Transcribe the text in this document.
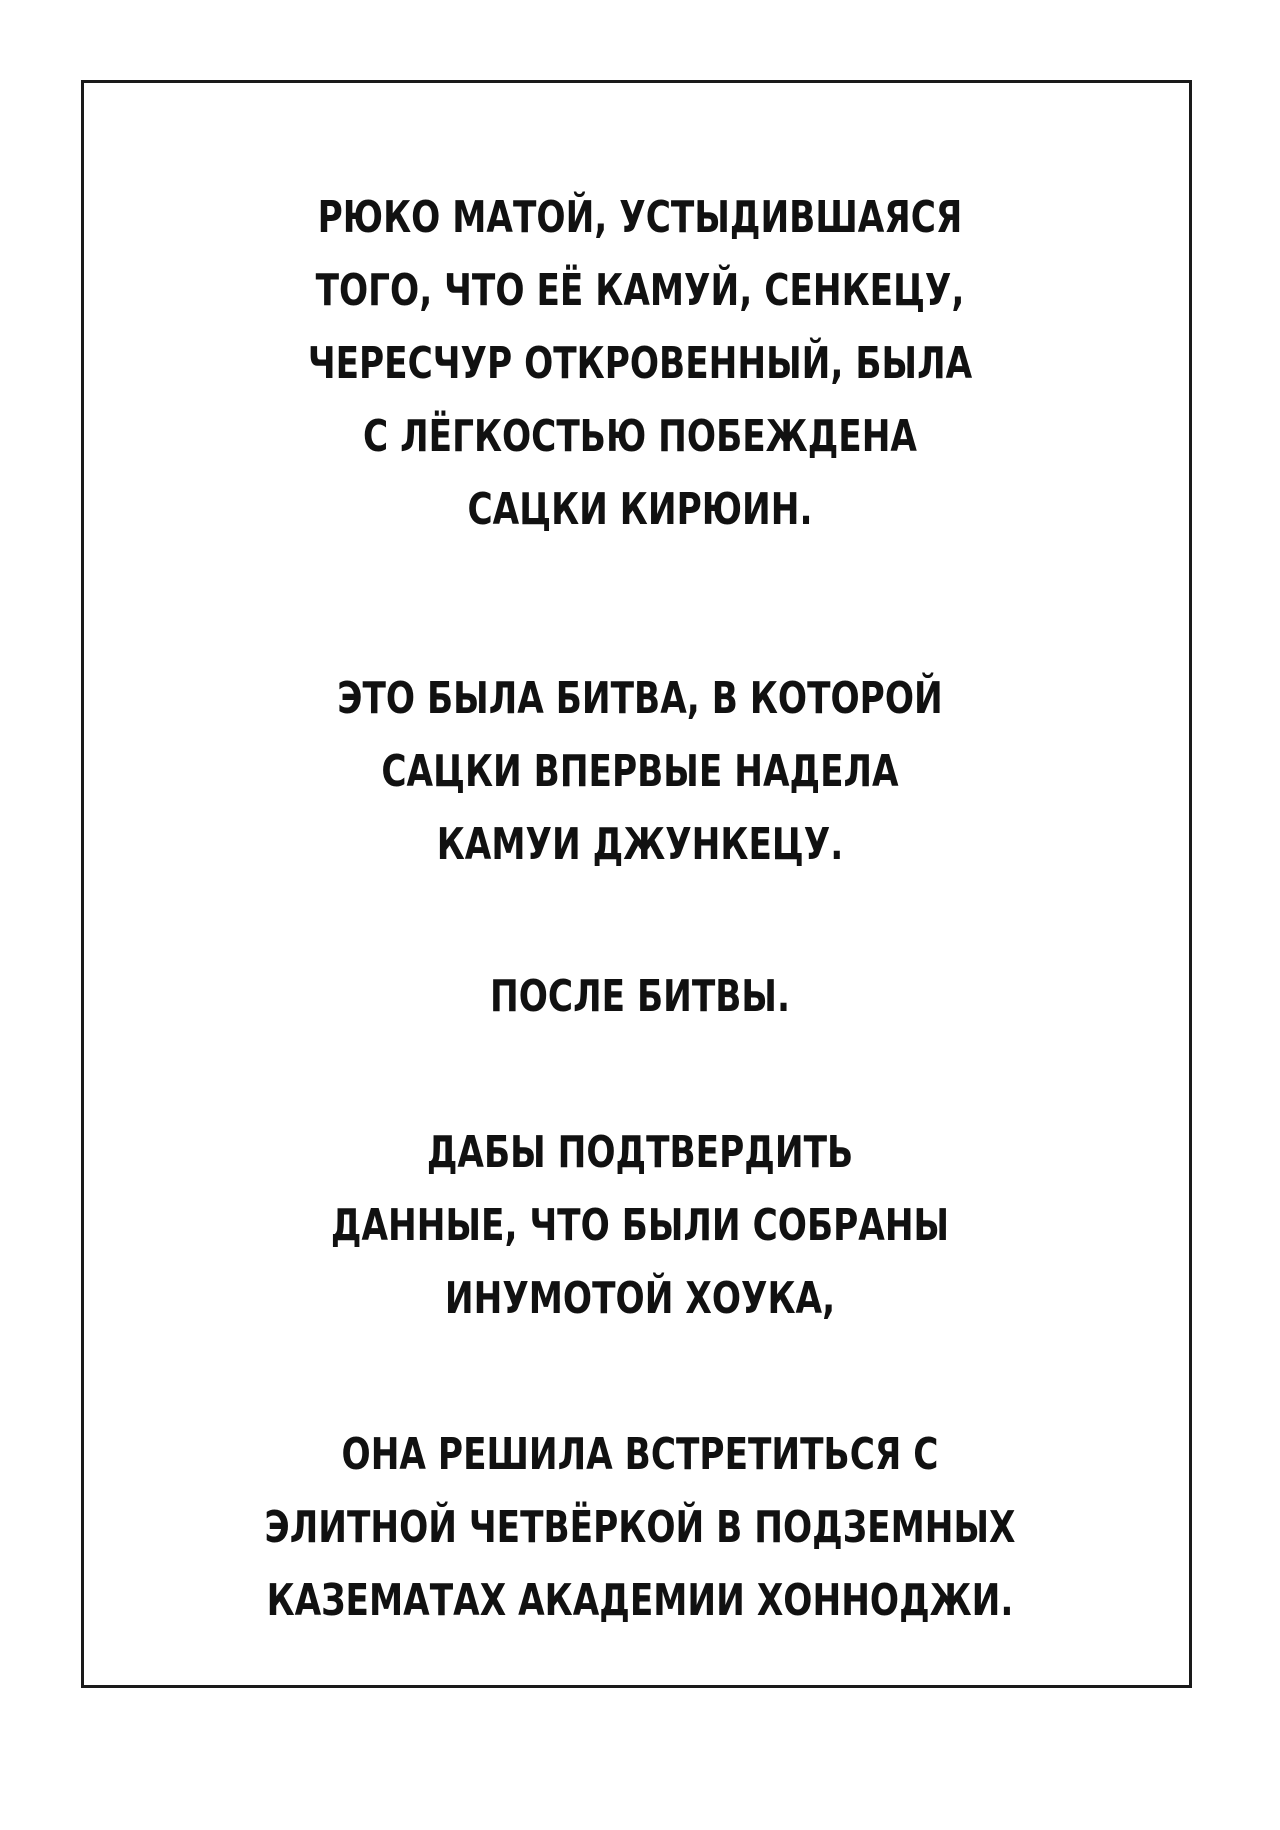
РЮКО МАТОЙ, УСТЫДИВШАЯСЯ
ТОГО, ЧТО ЕЁ КАМУЙ, СЕНКЕЦУ,
ЧЕРЕСЧУР ОТКРОВЕННЫЙ, БЫЛА
С ЛЁГКОСТЬЮ ПОБЕЖДЕНА
САЦКИ КИРЮИН.
ЭТО БЫЛА БИТВА, В КОТОРОЙ
САЦКИ ВПЕРВЫЕ НАДЕЛА
КАМУИ ДЖУНКЕЦУ.
ПОСЛЕ БИТВЫ.
ДАБЫ ПОДТВЕРДИТЬ
ДАННЫЕ, ЧТО БЫЛИ СОБРАНЫ
ИНУМОТОЙ ХОУКА,
ОНА РЕШИЛА ВСТРЕТИТЬСЯ С
ЭЛИТНОЙ ЧЕТВЁРКОЙ В ПОДЗЕМНЫХ
КАЗЕМАТАХ АКАДЕМИИ ХОННОДЖИ.
